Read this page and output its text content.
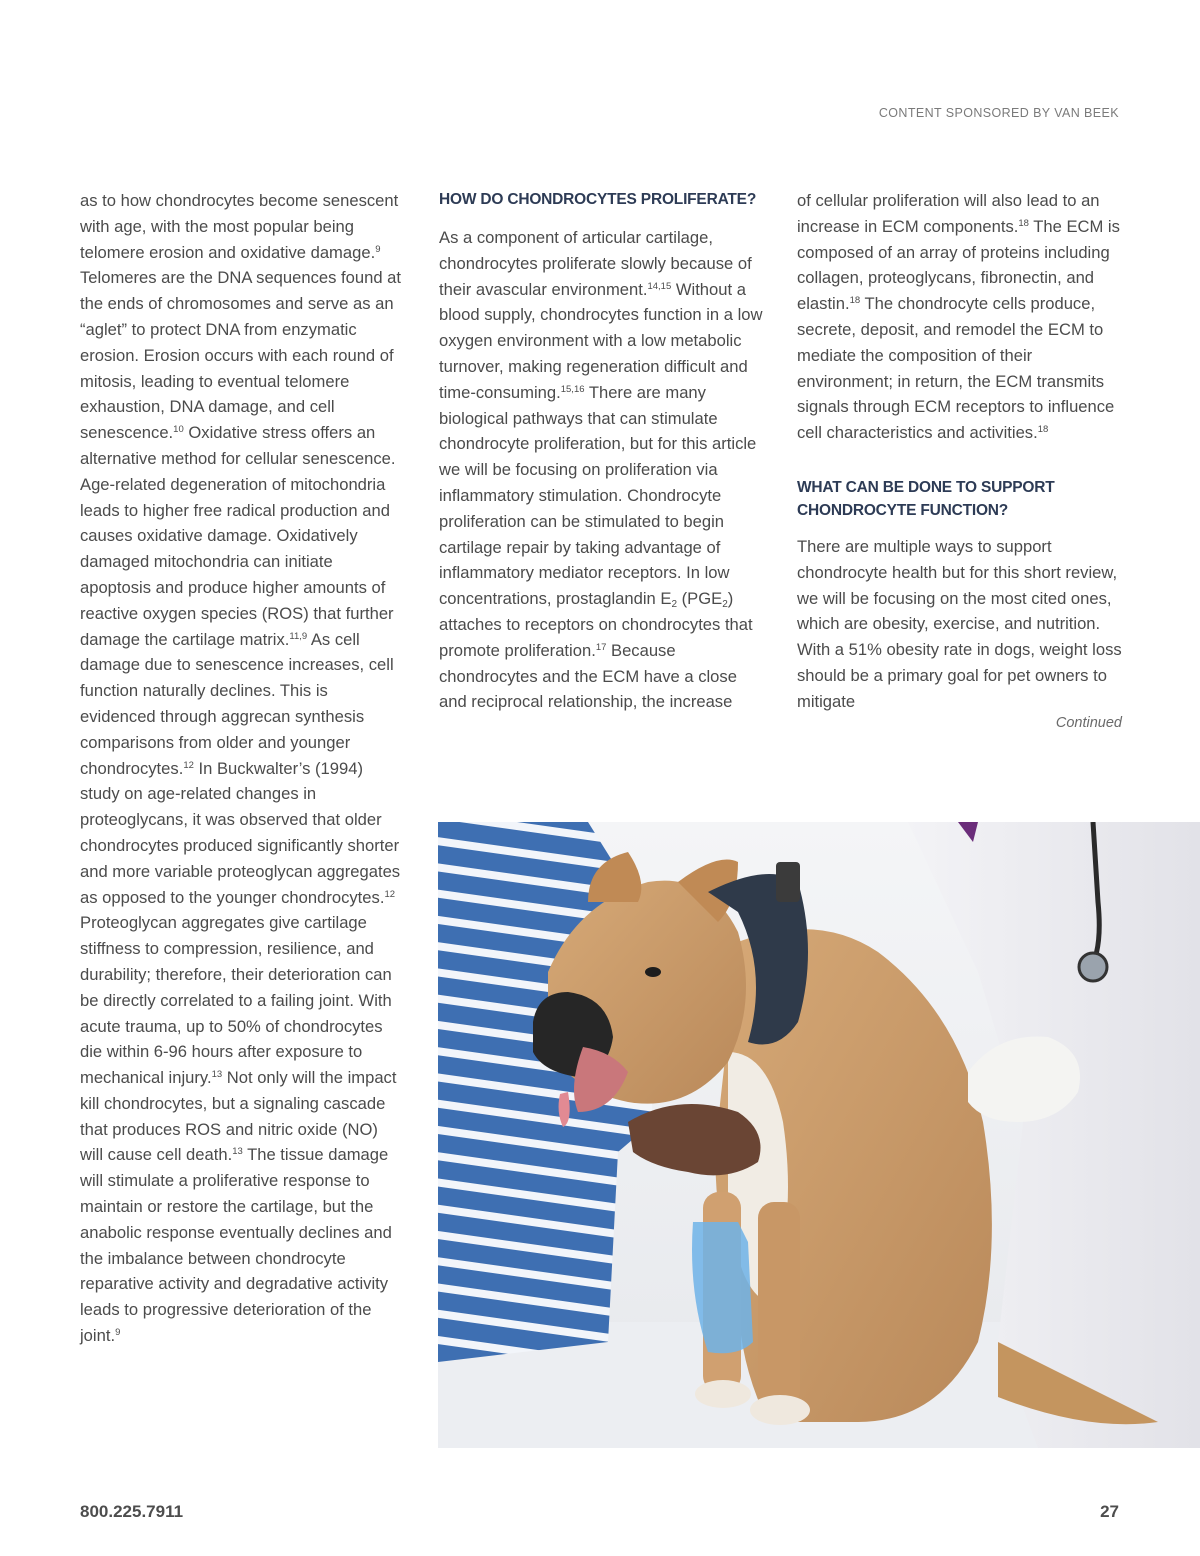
CONTENT SPONSORED BY VAN BEEK

as to how chondrocytes become senescent with age, with the most popular being telomere erosion and oxidative damage.$^9$ Telomeres are the DNA sequences found at the ends of chromosomes and serve as an “aglet” to protect DNA from enzymatic erosion. Erosion occurs with each round of mitosis, leading to eventual telomere exhaustion, DNA damage, and cell senescence.$^{10}$ Oxidative stress offers an alternative method for cellular senescence. Age-related degeneration of mitochondria leads to higher free radical production and causes oxidative damage. Oxidatively damaged mitochondria can initiate apoptosis and produce higher amounts of reactive oxygen species (ROS) that further damage the cartilage matrix.$^{11,9}$ As cell damage due to senescence increases, cell function naturally declines. This is evidenced through aggrecan synthesis comparisons from older and younger chondrocytes.$^{12}$ In Buckwalter’s (1994) study on age-related changes in proteoglycans, it was observed that older chondrocytes produced significantly shorter and more variable proteoglycan aggregates as opposed to the younger chondrocytes.$^{12}$ Proteoglycan aggregates give cartilage stiffness to compression, resilience, and durability; therefore, their deterioration can be directly correlated to a failing joint. With acute trauma, up to 50% of chondrocytes die within 6-96 hours after exposure to mechanical injury.$^{13}$ Not only will the impact kill chondrocytes, but a signaling cascade that produces ROS and nitric oxide (NO) will cause cell death.$^{13}$ The tissue damage will stimulate a proliferative response to maintain or restore the cartilage, but the anabolic response eventually declines and the imbalance between chondrocyte reparative activity and degradative activity leads to progressive deterioration of the joint.$^9$

HOW DO CHONDROCYTES PROLIFERATE?

As a component of articular cartilage, chondrocytes proliferate slowly because of their avascular environment.$^{14,15}$ Without a blood supply, chondrocytes function in a low oxygen environment with a low metabolic turnover, making regeneration difficult and time-consuming.$^{15,16}$ There are many biological pathways that can stimulate chondrocyte proliferation, but for this article we will be focusing on proliferation via inflammatory stimulation. Chondrocyte proliferation can be stimulated to begin cartilage repair by taking advantage of inflammatory mediator receptors. In low concentrations, prostaglandin $E_2$ $(PGE_2)$ attaches to receptors on chondrocytes that promote proliferation.$^{17}$ Because chondrocytes and the ECM have a close and reciprocal relationship, the increase

of cellular proliferation will also lead to an increase in ECM components.$^{18}$ The ECM is composed of an array of proteins including collagen, proteoglycans, fibronectin, and elastin.$^{18}$ The chondrocyte cells produce, secrete, deposit, and remodel the ECM to mediate the composition of their environment; in return, the ECM transmits signals through ECM receptors to influence cell characteristics and activities.$^{18}$

WHAT CAN BE DONE TO SUPPORT CHONDROCYTE FUNCTION?

There are multiple ways to support chondrocyte health but for this short review, we will be focusing on the most cited ones, which are obesity, exercise, and nutrition. With a 51% obesity rate in dogs, weight loss should be a primary goal for pet owners to mitigate

Continued
800.225.7911	27
